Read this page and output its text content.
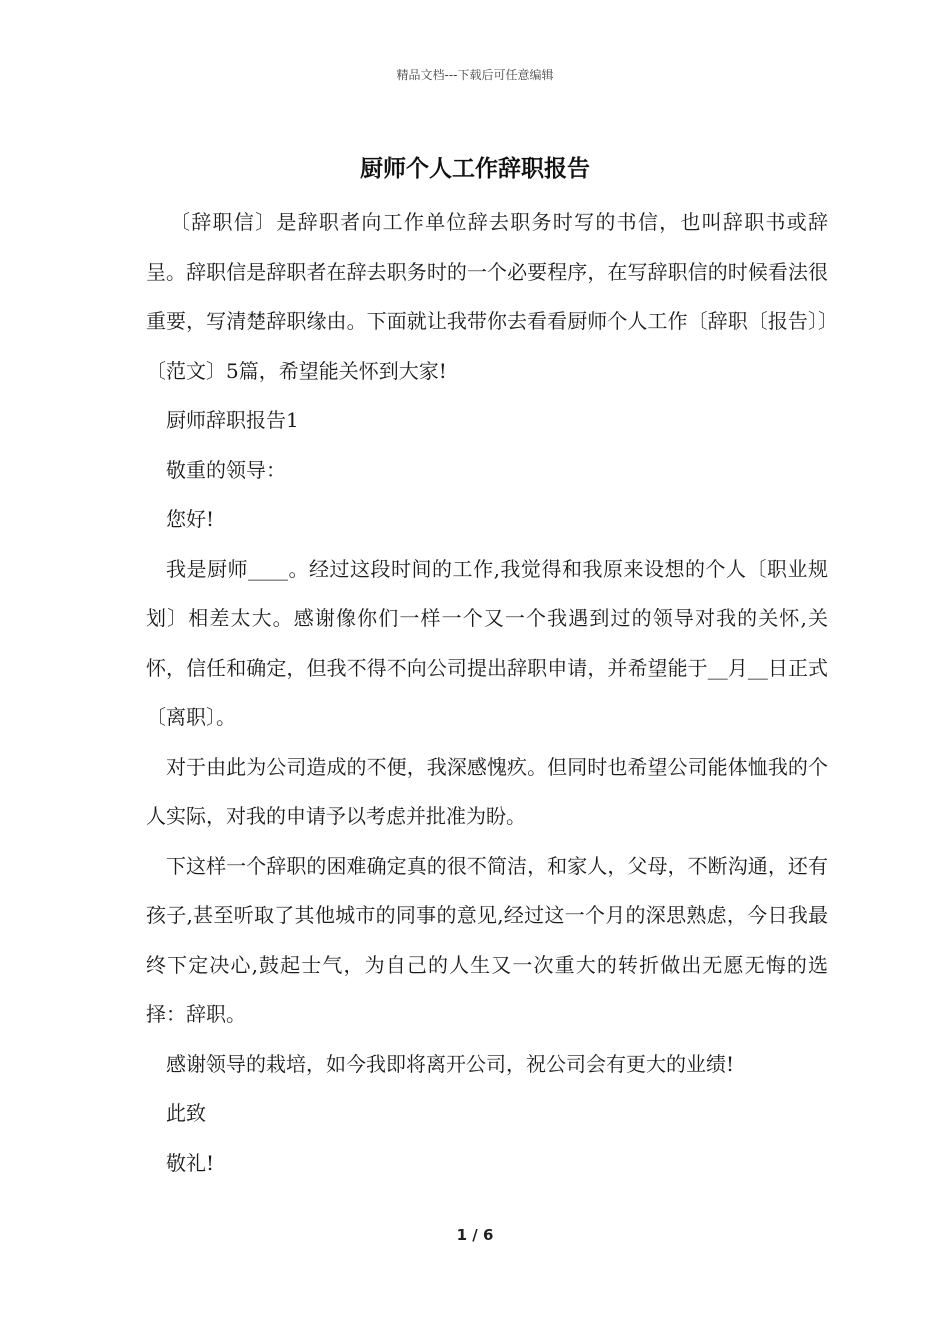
精品文档---下载后可任意编辑
厨师个人工作辞职报告

〔辞职信〕是辞职者向工作单位辞去职务时写的书信，也叫辞职书或辞呈。辞职信是辞职者在辞去职务时的一个必要程序，在写辞职信的时候看法很重要，写清楚辞职缘由。下面就让我带你去看看厨师个人工作〔辞职〔报告〕〕〔范文〕5篇，希望能关怀到大家!

厨师辞职报告1

敬重的领导：

您好!

我是厨师____。经过这段时间的工作,我觉得和我原来设想的个人〔职业规划〕相差太大。感谢像你们一样一个又一个我遇到过的领导对我的关怀,关怀，信任和确定，但我不得不向公司提出辞职申请，并希望能于__月__日正式〔离职〕。

对于由此为公司造成的不便，我深感愧疚。但同时也希望公司能体恤我的个人实际，对我的申请予以考虑并批准为盼。

下这样一个辞职的困难确定真的很不简洁，和家人，父母，不断沟通，还有孩子,甚至听取了其他城市的同事的意见,经过这一个月的深思熟虑，今日我最终下定决心,鼓起士气，为自己的人生又一次重大的转折做出无愿无悔的选择：辞职。

感谢领导的栽培，如今我即将离开公司，祝公司会有更大的业绩!

此致

敬礼!

1 / 6
